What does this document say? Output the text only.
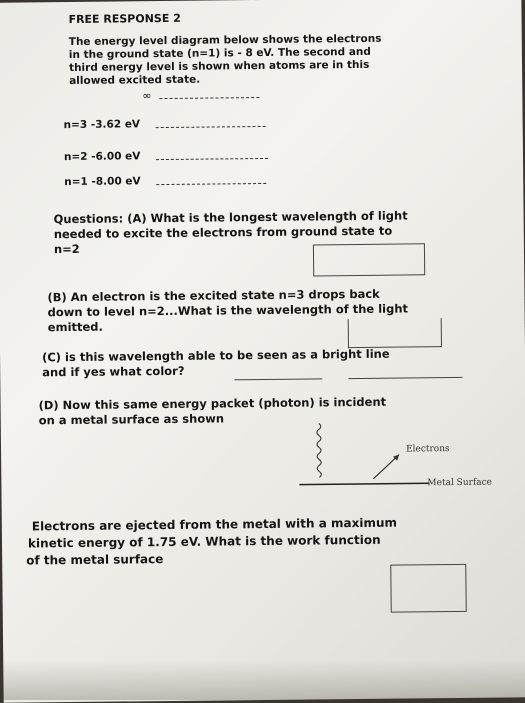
FREE RESPONSE 2
The energy level diagram below shows the electrons
in the ground state (n=1) is - 8 eV. The second and
third energy level is shown when atoms are in this
allowed excited state.
∞
n=3 -3.62 eV
n=2 -6.00 eV
n=1 -8.00 eV
Questions: (A) What is the longest wavelength of light
needed to excite the electrons from ground state to
n=2
(B) An electron is the excited state n=3 drops back
down to level n=2...What is the wavelength of the light
emitted.
(C) is this wavelength able to be seen as a bright line
and if yes what color?
(D) Now this same energy packet (photon) is incident
on a metal surface as shown
Electrons
Metal Surface
Electrons are ejected from the metal with a maximum
kinetic energy of 1.75 eV. What is the work function
of the metal surface
